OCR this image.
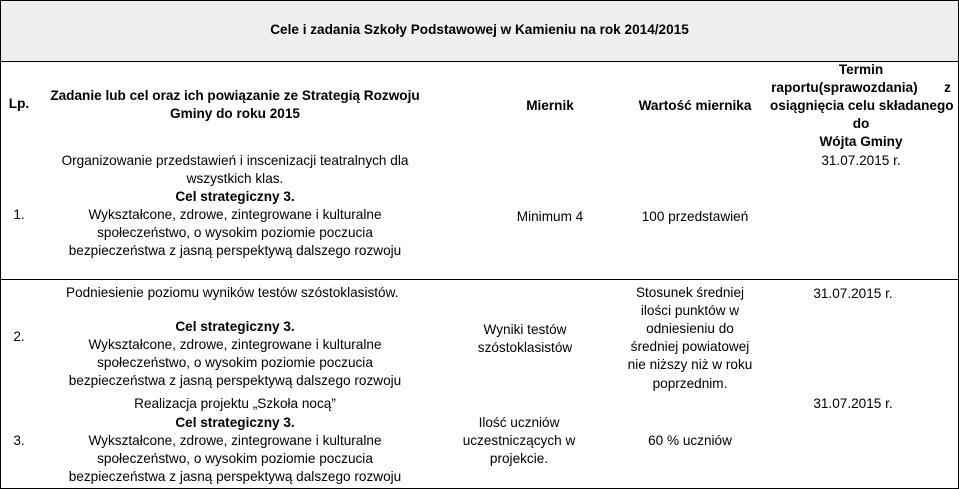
Cele i zadania Szkoły Podstawowej w Kamieniu na rok 2014/2015
Lp.
Zadanie lub cel oraz ich powiązanie ze Strategią Rozwoju
Gminy do roku 2015
Miernik	Wartość miernika
Termin
raportu(sprawozdania)       z
osiągnięcia celu składanego
do
Wójta Gminy
1.
Organizowanie przedstawień i inscenizacji teatralnych dla
wszystkich klas.
Cel strategiczny 3.
Wykształcone, zdrowe, zintegrowane i kulturalne
społeczeństwo, o wysokim poziomie poczucia
bezpieczeństwa z jasną perspektywą dalszego rozwoju
Minimum 4	100 przedstawień
31.07.2015 r.
2.
Podniesienie poziomu wyników testów szóstoklasistów.
Cel strategiczny 3.
Wykształcone, zdrowe, zintegrowane i kulturalne
społeczeństwo, o wysokim poziomie poczucia
bezpieczeństwa z jasną perspektywą dalszego rozwoju
Wyniki testów
szóstoklasistów
Stosunek średniej
ilości punktów w
odniesieniu do
średniej powiatowej
nie niższy niż w roku
poprzednim.
31.07.2015 r.
3.
Realizacja projektu „Szkoła nocą”
Cel strategiczny 3.
Wykształcone, zdrowe, zintegrowane i kulturalne
społeczeństwo, o wysokim poziomie poczucia
bezpieczeństwa z jasną perspektywą dalszego rozwoju
Ilość uczniów
uczestniczących w
projekcie.
60 % uczniów
31.07.2015 r.
